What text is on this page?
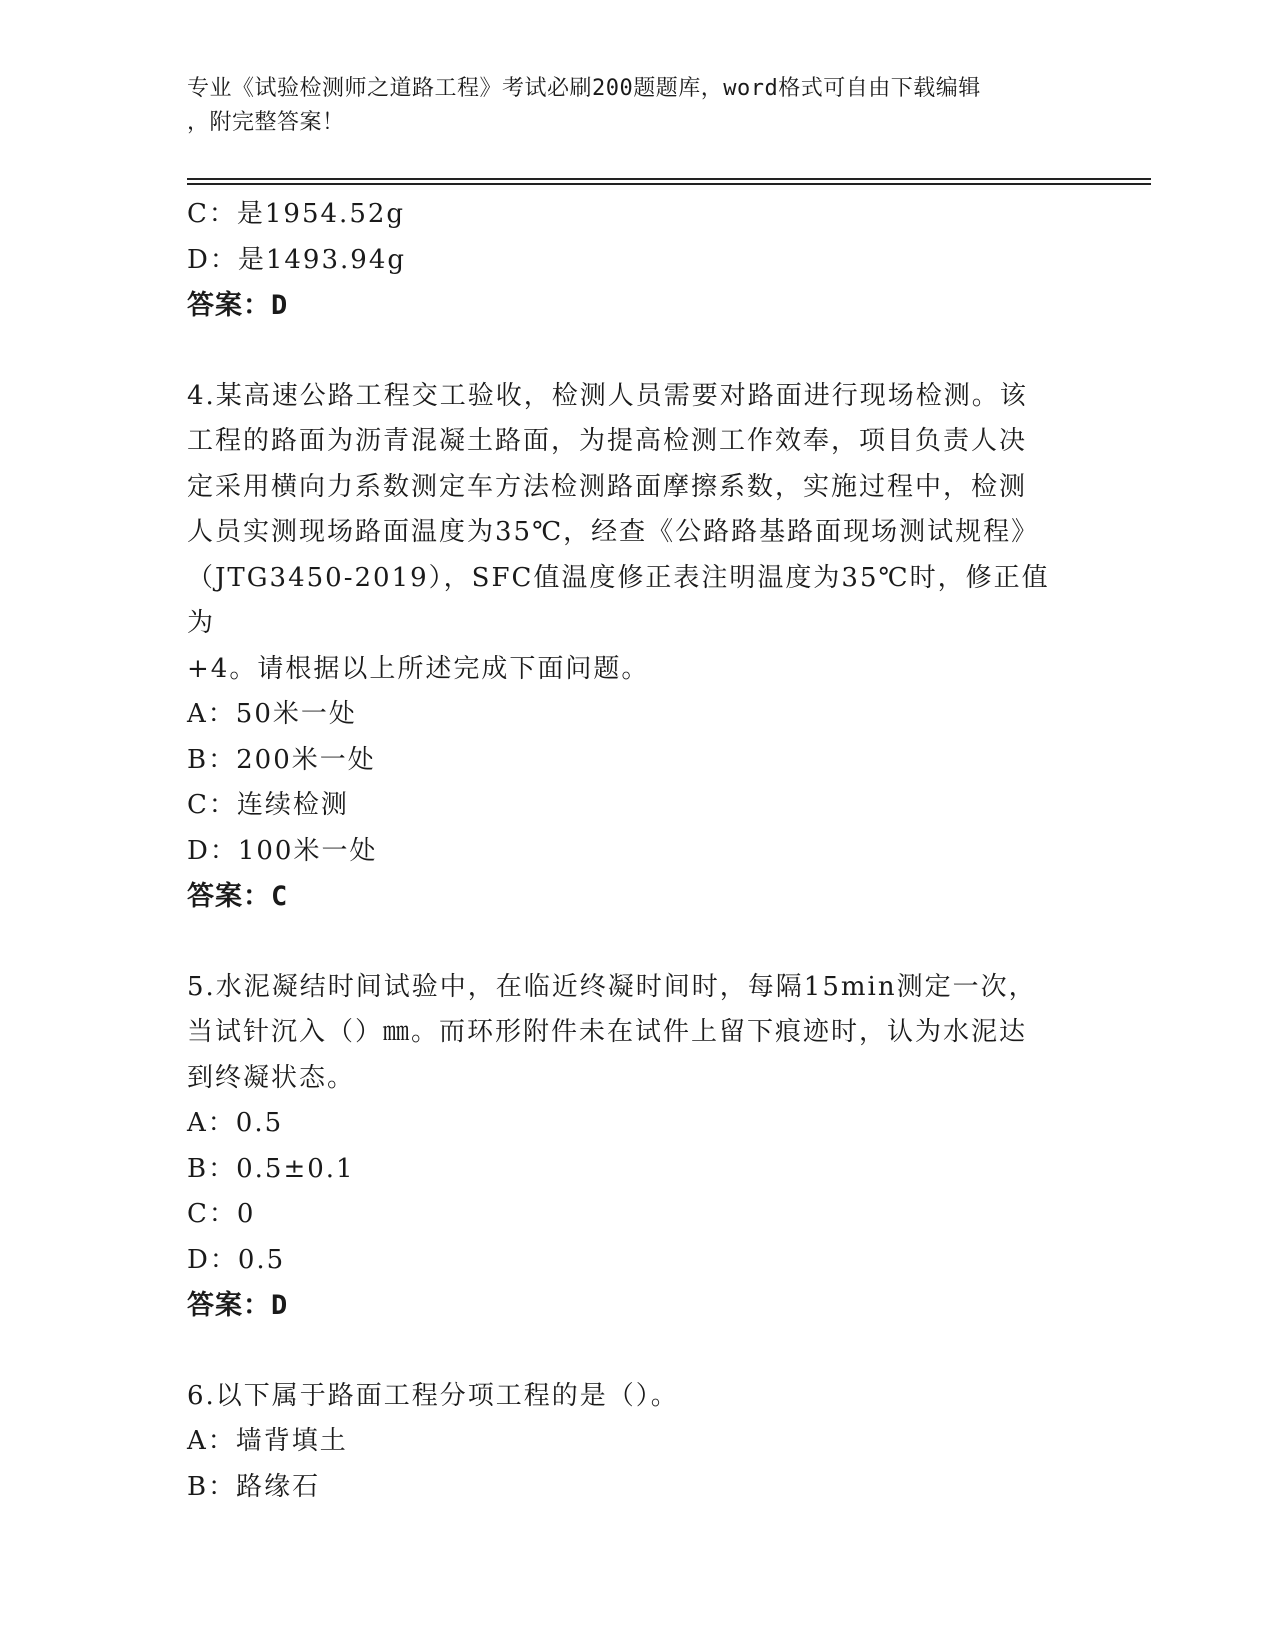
专业《试验检测师之道路工程》考试必刷200题题库，word格式可自由下载编辑
，附完整答案！
C：是1954.52g
D：是1493.94g
答案：D
4.某高速公路工程交工验收，检测人员需要对路面进行现场检测。该
工程的路面为沥青混凝土路面，为提高检测工作效奉，项目负责人决
定采用横向力系数测定车方法检测路面摩擦系数，实施过程中，检测
人员实测现场路面温度为35℃，经查《公路路基路面现场测试规程》
（JTG3450-2019），SFC值温度修正表注明温度为35℃时，修正值为
+4。请根据以上所述完成下面问题。
A：50米一处
B：200米一处
C：连续检测
D：100米一处
答案：C
5.水泥凝结时间试验中，在临近终凝时间时，每隔15min测定一次，
当试针沉入（）㎜。而环形附件未在试件上留下痕迹时，认为水泥达
到终凝状态。
A：0.5
B：0.5±0.1
C：0
D：0.5
答案：D
6.以下属于路面工程分项工程的是（）。
A：墙背填土
B：路缘石
